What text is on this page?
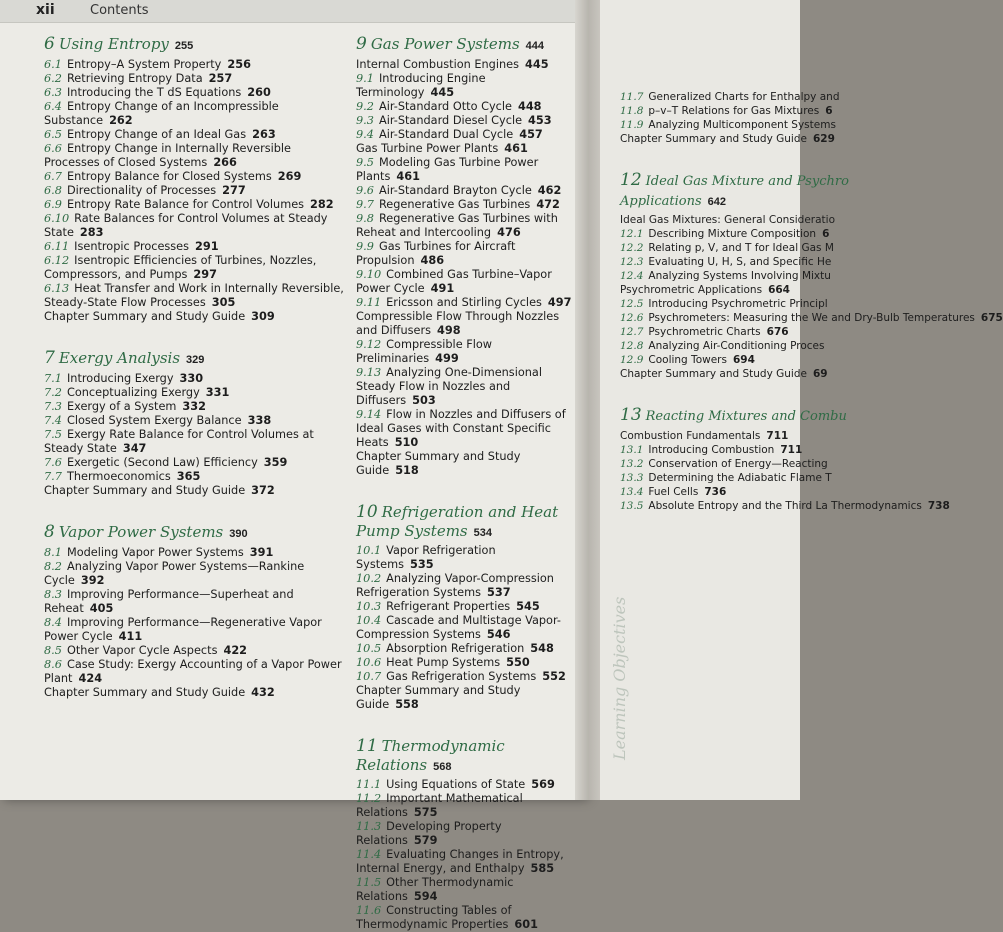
xii	Contents
6 Using Entropy 255

6.1 Entropy–A System Property 256

6.2 Retrieving Entropy Data 257

6.3 Introducing the T dS Equations 260

6.4 Entropy Change of an Incompressible Substance 262

6.5 Entropy Change of an Ideal Gas 263

6.6 Entropy Change in Internally Reversible Processes of Closed Systems 266

6.7 Entropy Balance for Closed Systems 269

6.8 Directionality of Processes 277

6.9 Entropy Rate Balance for Control Volumes 282

6.10 Rate Balances for Control Volumes at Steady State 283

6.11 Isentropic Processes 291

6.12 Isentropic Efficiencies of Turbines, Nozzles, Compressors, and Pumps 297

6.13 Heat Transfer and Work in Internally Reversible, Steady-State Flow Processes 305

Chapter Summary and Study Guide 309

7 Exergy Analysis 329

7.1 Introducing Exergy 330

7.2 Conceptualizing Exergy 331

7.3 Exergy of a System 332

7.4 Closed System Exergy Balance 338

7.5 Exergy Rate Balance for Control Volumes at Steady State 347

7.6 Exergetic (Second Law) Efficiency 359

7.7 Thermoeconomics 365

Chapter Summary and Study Guide 372

8 Vapor Power Systems 390

8.1 Modeling Vapor Power Systems 391

8.2 Analyzing Vapor Power Systems—Rankine Cycle 392

8.3 Improving Performance—Superheat and Reheat 405

8.4 Improving Performance—Regenerative Vapor Power Cycle 411

8.5 Other Vapor Cycle Aspects 422

8.6 Case Study: Exergy Accounting of a Vapor Power Plant 424

Chapter Summary and Study Guide 432

9 Gas Power Systems 444

Internal Combustion Engines 445

9.1 Introducing Engine Terminology 445

9.2 Air-Standard Otto Cycle 448

9.3 Air-Standard Diesel Cycle 453

9.4 Air-Standard Dual Cycle 457

Gas Turbine Power Plants 461

9.5 Modeling Gas Turbine Power Plants 461

9.6 Air-Standard Brayton Cycle 462

9.7 Regenerative Gas Turbines 472

9.8 Regenerative Gas Turbines with Reheat and Intercooling 476

9.9 Gas Turbines for Aircraft Propulsion 486

9.10 Combined Gas Turbine–Vapor Power Cycle 491

9.11 Ericsson and Stirling Cycles 497

Compressible Flow Through Nozzles and Diffusers 498

9.12 Compressible Flow Preliminaries 499

9.13 Analyzing One-Dimensional Steady Flow in Nozzles and Diffusers 503

9.14 Flow in Nozzles and Diffusers of Ideal Gases with Constant Specific Heats 510

Chapter Summary and Study Guide 518

10 Refrigeration and Heat Pump Systems 534

10.1 Vapor Refrigeration Systems 535

10.2 Analyzing Vapor-Compression Refrigeration Systems 537

10.3 Refrigerant Properties 545

10.4 Cascade and Multistage Vapor-Compression Systems 546

10.5 Absorption Refrigeration 548

10.6 Heat Pump Systems 550

10.7 Gas Refrigeration Systems 552

Chapter Summary and Study Guide 558

11 Thermodynamic Relations 568

11.1 Using Equations of State 569

11.2 Important Mathematical Relations 575

11.3 Developing Property Relations 579

11.4 Evaluating Changes in Entropy, Internal Energy, and Enthalpy 585

11.5 Other Thermodynamic Relations 594

11.6 Constructing Tables of Thermodynamic Properties 601

11.7 Generalized Charts for Enthalpy and

11.8 p–v–T Relations for Gas Mixtures 6

11.9 Analyzing Multicomponent Systems

Chapter Summary and Study Guide 629

12 Ideal Gas Mixture and Psychro
Applications 642

Ideal Gas Mixtures: General Consideratio

12.1 Describing Mixture Composition 6

12.2 Relating p, V, and T for Ideal Gas M

12.3 Evaluating U, H, S, and Specific He

12.4 Analyzing Systems Involving Mixtu

Psychrometric Applications 664

12.5 Introducing Psychrometric Principl

12.6 Psychrometers: Measuring the We and Dry-Bulb Temperatures 675

12.7 Psychrometric Charts 676

12.8 Analyzing Air-Conditioning Proces

12.9 Cooling Towers 694

Chapter Summary and Study Guide 69

13 Reacting Mixtures and Combu

Combustion Fundamentals 711

13.1 Introducing Combustion 711

13.2 Conservation of Energy—Reacting

13.3 Determining the Adiabatic Flame T

13.4 Fuel Cells 736

13.5 Absolute Entropy and the Third La Thermodynamics 738

Learning Objectives
